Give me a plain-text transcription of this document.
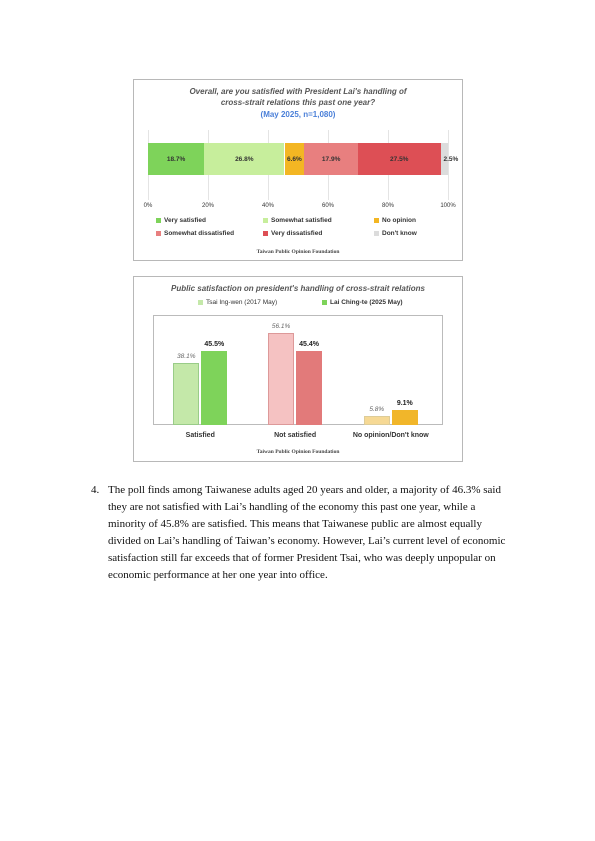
Overall, are you satisfied with President Lai's handling of cross-strait relations this past one year?
(May 2025, n=1,080)
18.7%	26.8%	6.6%	17.9%	27.5%	2.5%
0%	20%	40%	60%	80%	100%
Very satisfied	Somewhat satisfied	No opinion
Somewhat dissatisfied	Very dissatisfied	Don't know
Taiwan Public Opinion Foundation
Public satisfaction on president's handling of cross-strait relations
Tsai Ing-wen (2017 May)	Lai Ching-te (2025 May)
38.1%
45.5%
56.1%
45.4%
5.8%
9.1%
Satisfied	Not satisfied	No opinion/Don't know
Taiwan Public Opinion Foundation
4. The poll finds among Taiwanese adults aged 20 years and older, a majority of 46.3% said they are not satisfied with Lai’s handling of the economy this past one year, while a minority of 45.8% are satisfied. This means that Taiwanese public are almost equally divided on Lai’s handling of Taiwan’s economy. However, Lai’s current level of economic satisfaction still far exceeds that of former President Tsai, who was deeply unpopular on economic performance at her one year into office.
